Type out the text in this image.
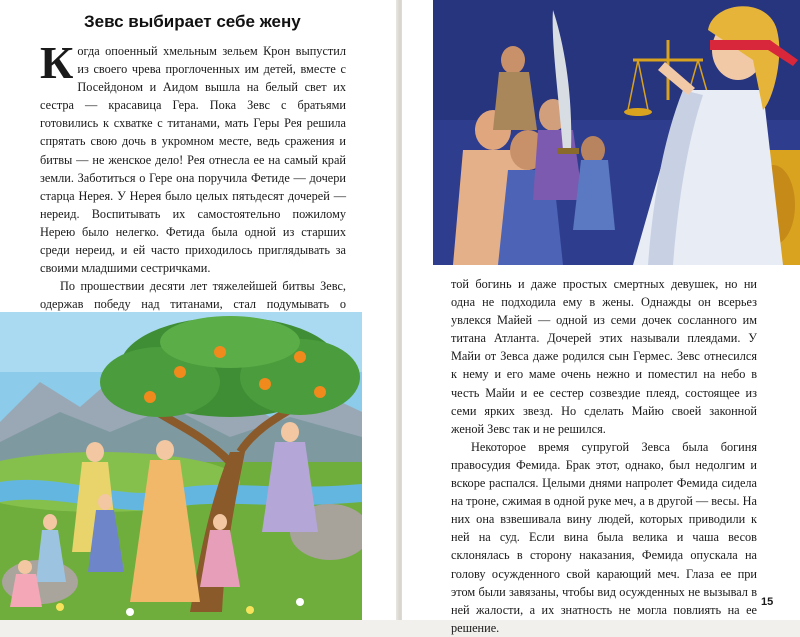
Зевс выбирает себе жену

Когда опоенный хмельным зельем Крон выпустил из своего чрева проглоченных им детей, вместе с Посейдоном и Аидом вышла на белый свет их сестра — красавица Гера. Пока Зевс с братьями готовились к схватке с титанами, мать Геры Рея решила спрятать свою дочь в укромном месте, ведь сражения и битвы — не женское дело! Рея отнесла ее на самый край земли. Заботиться о Гере она поручила Фетиде — дочери старца Нерея. У Нерея было целых пятьдесят дочерей — нереид. Воспитывать их самостоятельно пожилому Нерею было нелегко. Фетида была одной из старших среди нереид, и ей часто приходилось приглядывать за своими младшими сестричками.

По прошествии десяти лет тяжелейшей битвы Зевс, одержав победу над титанами, стал подумывать о

той богинь и даже простых смертных девушек, но ни одна не подходила ему в жены. Однажды он всерьез увлекся Майей — одной из семи дочек сосланного им титана Атланта. Дочерей этих называли плеядами. У Майи от Зевса даже родился сын Гермес. Зевс отнесился к нему и его маме очень нежно и поместил на небо в честь Майи и ее сестер созвездие плеяд, состоящее из семи ярких звезд. Но сделать Майю своей законной женой Зевс так и не решился.

Некоторое время супругой Зевса была богиня правосудия Фемида. Брак этот, однако, был недолгим и вскоре распался. Целыми днями напролет Фемида сидела на троне, сжимая в одной руке меч, а в другой — весы. На них она взвешивала вину людей, которых приводили к ней на суд. Если вина была велика и чаша весов склонялась в сторону наказания, Фемида опускала на голову осужденного свой карающий меч. Глаза ее при этом были завязаны, чтобы вид осужденных не вызывал в ней жалости, а их знатность не могла повлиять на ее решение.

15
